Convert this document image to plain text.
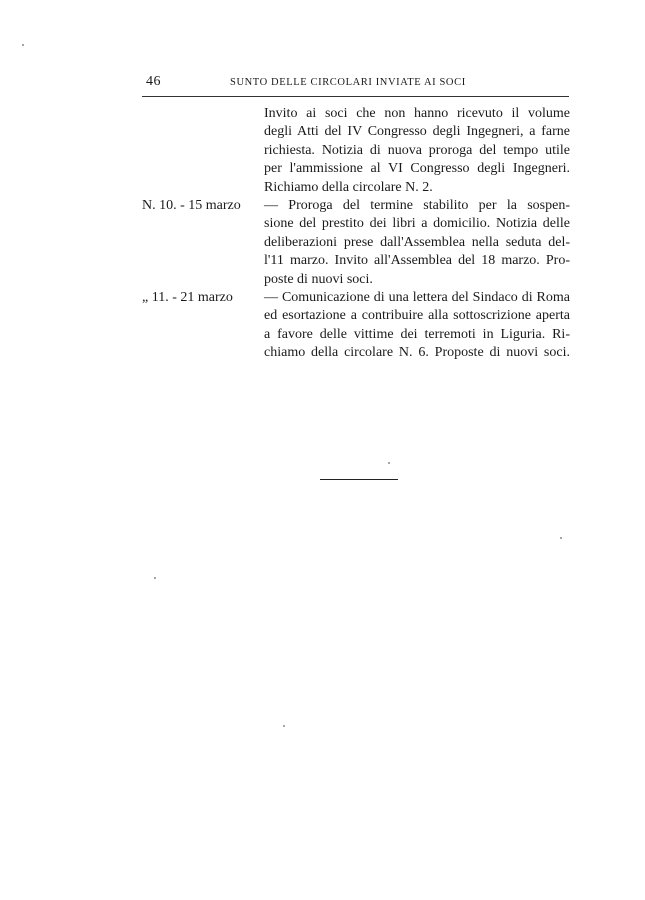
46	SUNTO DELLE CIRCOLARI INVIATE AI SOCI
Invito ai soci che non hanno ricevuto il volume
degli Atti del IV Congresso degli Ingegneri, a farne
richiesta. Notizia di nuova proroga del tempo utile
per l'ammissione al VI Congresso degli Ingegneri.
Richiamo della circolare N. 2.
N. 10. - 15 marzo	— Proroga del termine stabilito per la sospen-
sione del prestito dei libri a domicilio. Notizia delle
deliberazioni prese dall'Assemblea nella seduta del-
l'11 marzo. Invito all'Assemblea del 18 marzo. Pro-
poste di nuovi soci.
„ 11. - 21 marzo	— Comunicazione di una lettera del Sindaco di Roma
ed esortazione a contribuire alla sottoscrizione aperta
a favore delle vittime dei terremoti in Liguria. Ri-
chiamo della circolare N. 6. Proposte di nuovi soci.
